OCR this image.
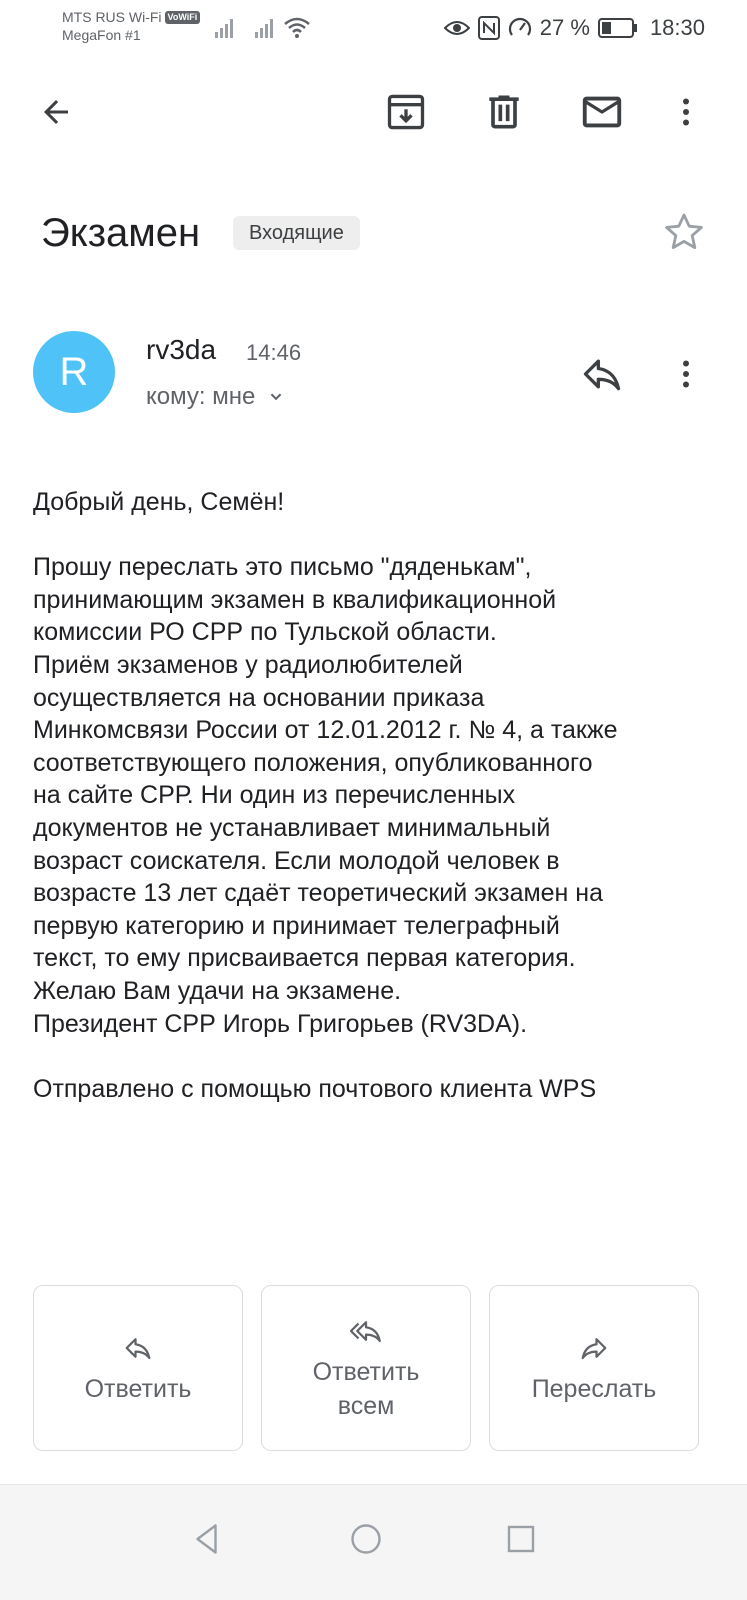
MTS RUS Wi-Fi VoWiFi
MegaFon #1	27 %	18:30
Экзамен	Входящие
R
rv3da 14:46
кому: мне

Добрый день, Семён!

Прошу переслать это письмо "дяденькам",

принимающим экзамен в квалификационной

комиссии РО СРР по Тульской области.

Приём экзаменов у радиолюбителей

осуществляется на основании приказа

Минкомсвязи России от 12.01.2012 г. № 4, а также

соответствующего положения, опубликованного

на сайте СРР. Ни один из перечисленных

документов не устанавливает минимальный

возраст соискателя. Если молодой человек в

возрасте 13 лет сдаёт теоретический экзамен на

первую категорию и принимает телеграфный

текст, то ему присваивается первая категория.

Желаю Вам удачи на экзамене.

Президент СРР Игорь Григорьев (RV3DA).

Отправлено с помощью почтового клиента WPS

Ответить
Ответить
всем
Переслать
